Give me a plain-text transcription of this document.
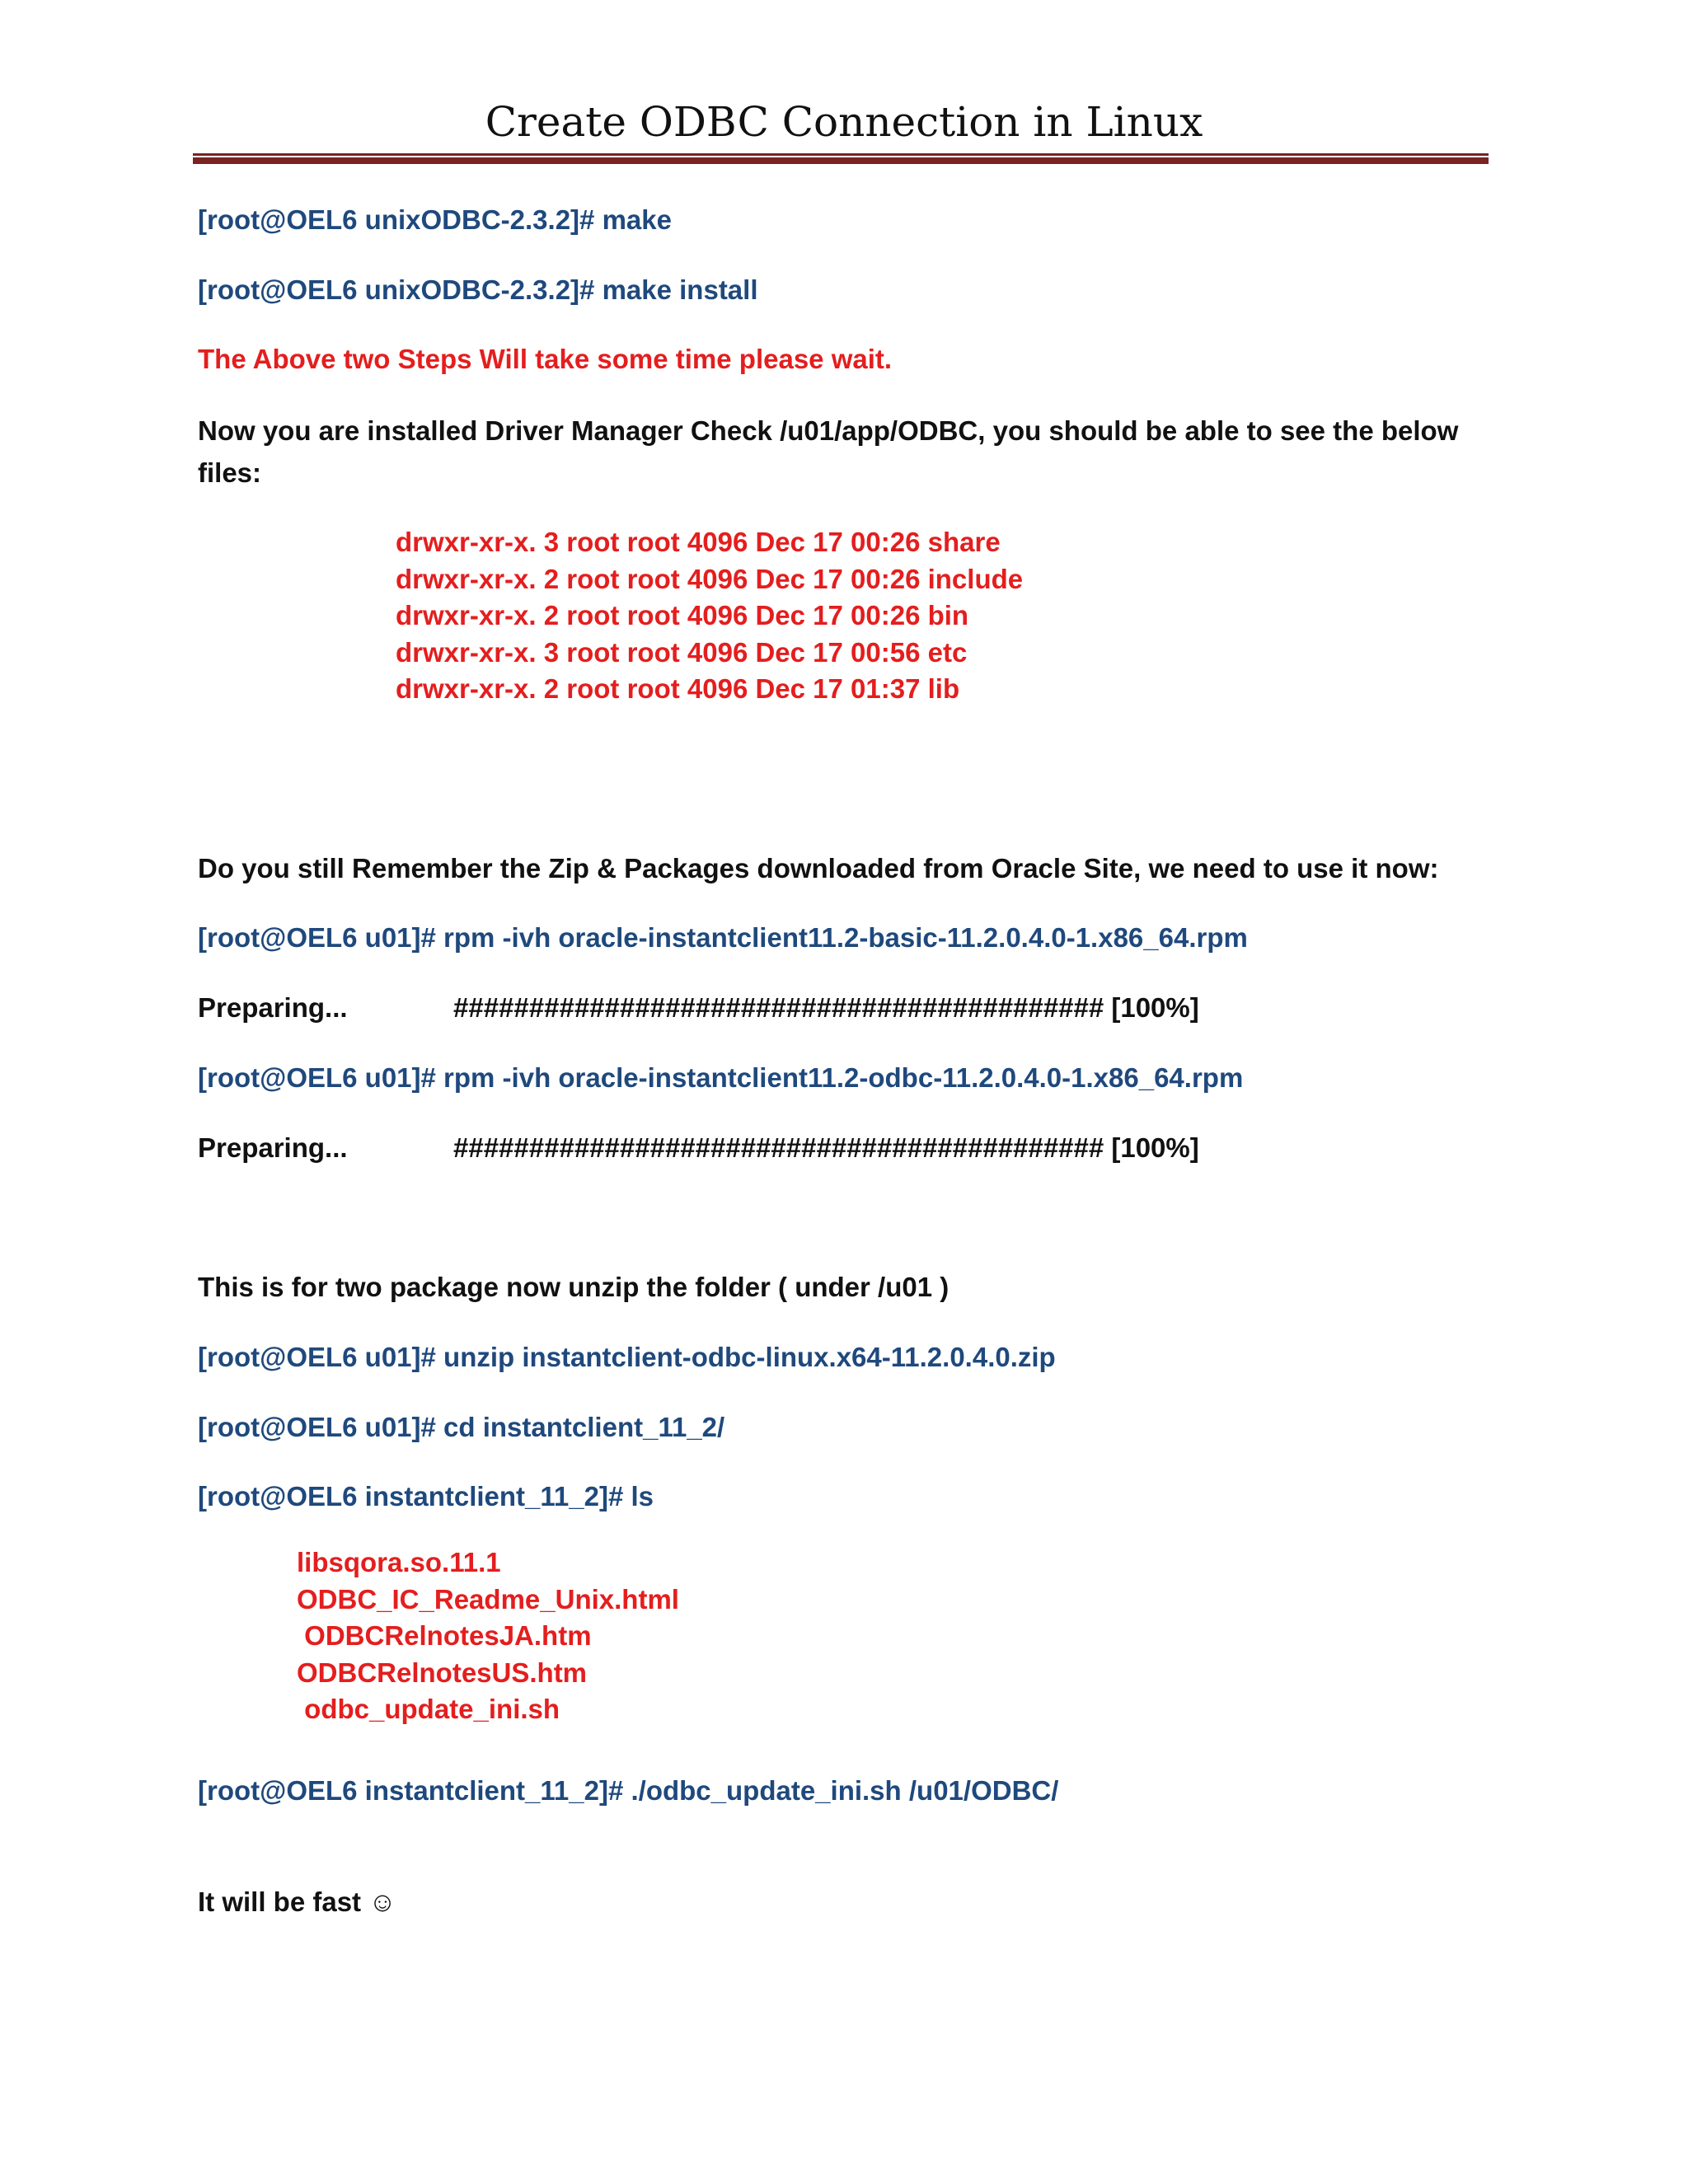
Create ODBC Connection in Linux
[root@OEL6 unixODBC-2.3.2]# make
[root@OEL6 unixODBC-2.3.2]# make install
The Above two Steps Will take some time please wait.
Now you are installed Driver Manager Check /u01/app/ODBC, you should be able to see the below files:
drwxr-xr-x. 3 root root 4096 Dec 17 00:26 share
drwxr-xr-x. 2 root root 4096 Dec 17 00:26 include
drwxr-xr-x. 2 root root 4096 Dec 17 00:26 bin
drwxr-xr-x. 3 root root 4096 Dec 17 00:56 etc
drwxr-xr-x. 2 root root 4096 Dec 17 01:37 lib
Do you still Remember the Zip & Packages downloaded from Oracle Site, we need to use it now:
[root@OEL6 u01]# rpm -ivh oracle-instantclient11.2-basic-11.2.0.4.0-1.x86_64.rpm
Preparing...	########################################### [100%]
[root@OEL6 u01]# rpm -ivh oracle-instantclient11.2-odbc-11.2.0.4.0-1.x86_64.rpm
Preparing...	########################################### [100%]
This is for two package now unzip the folder ( under /u01 )
[root@OEL6 u01]# unzip instantclient-odbc-linux.x64-11.2.0.4.0.zip
[root@OEL6 u01]# cd instantclient_11_2/
[root@OEL6 instantclient_11_2]# ls
libsqora.so.11.1
ODBC_IC_Readme_Unix.html
ODBCRelnotesJA.htm
ODBCRelnotesUS.htm
odbc_update_ini.sh
[root@OEL6 instantclient_11_2]# ./odbc_update_ini.sh /u01/ODBC/
It will be fast ☺
